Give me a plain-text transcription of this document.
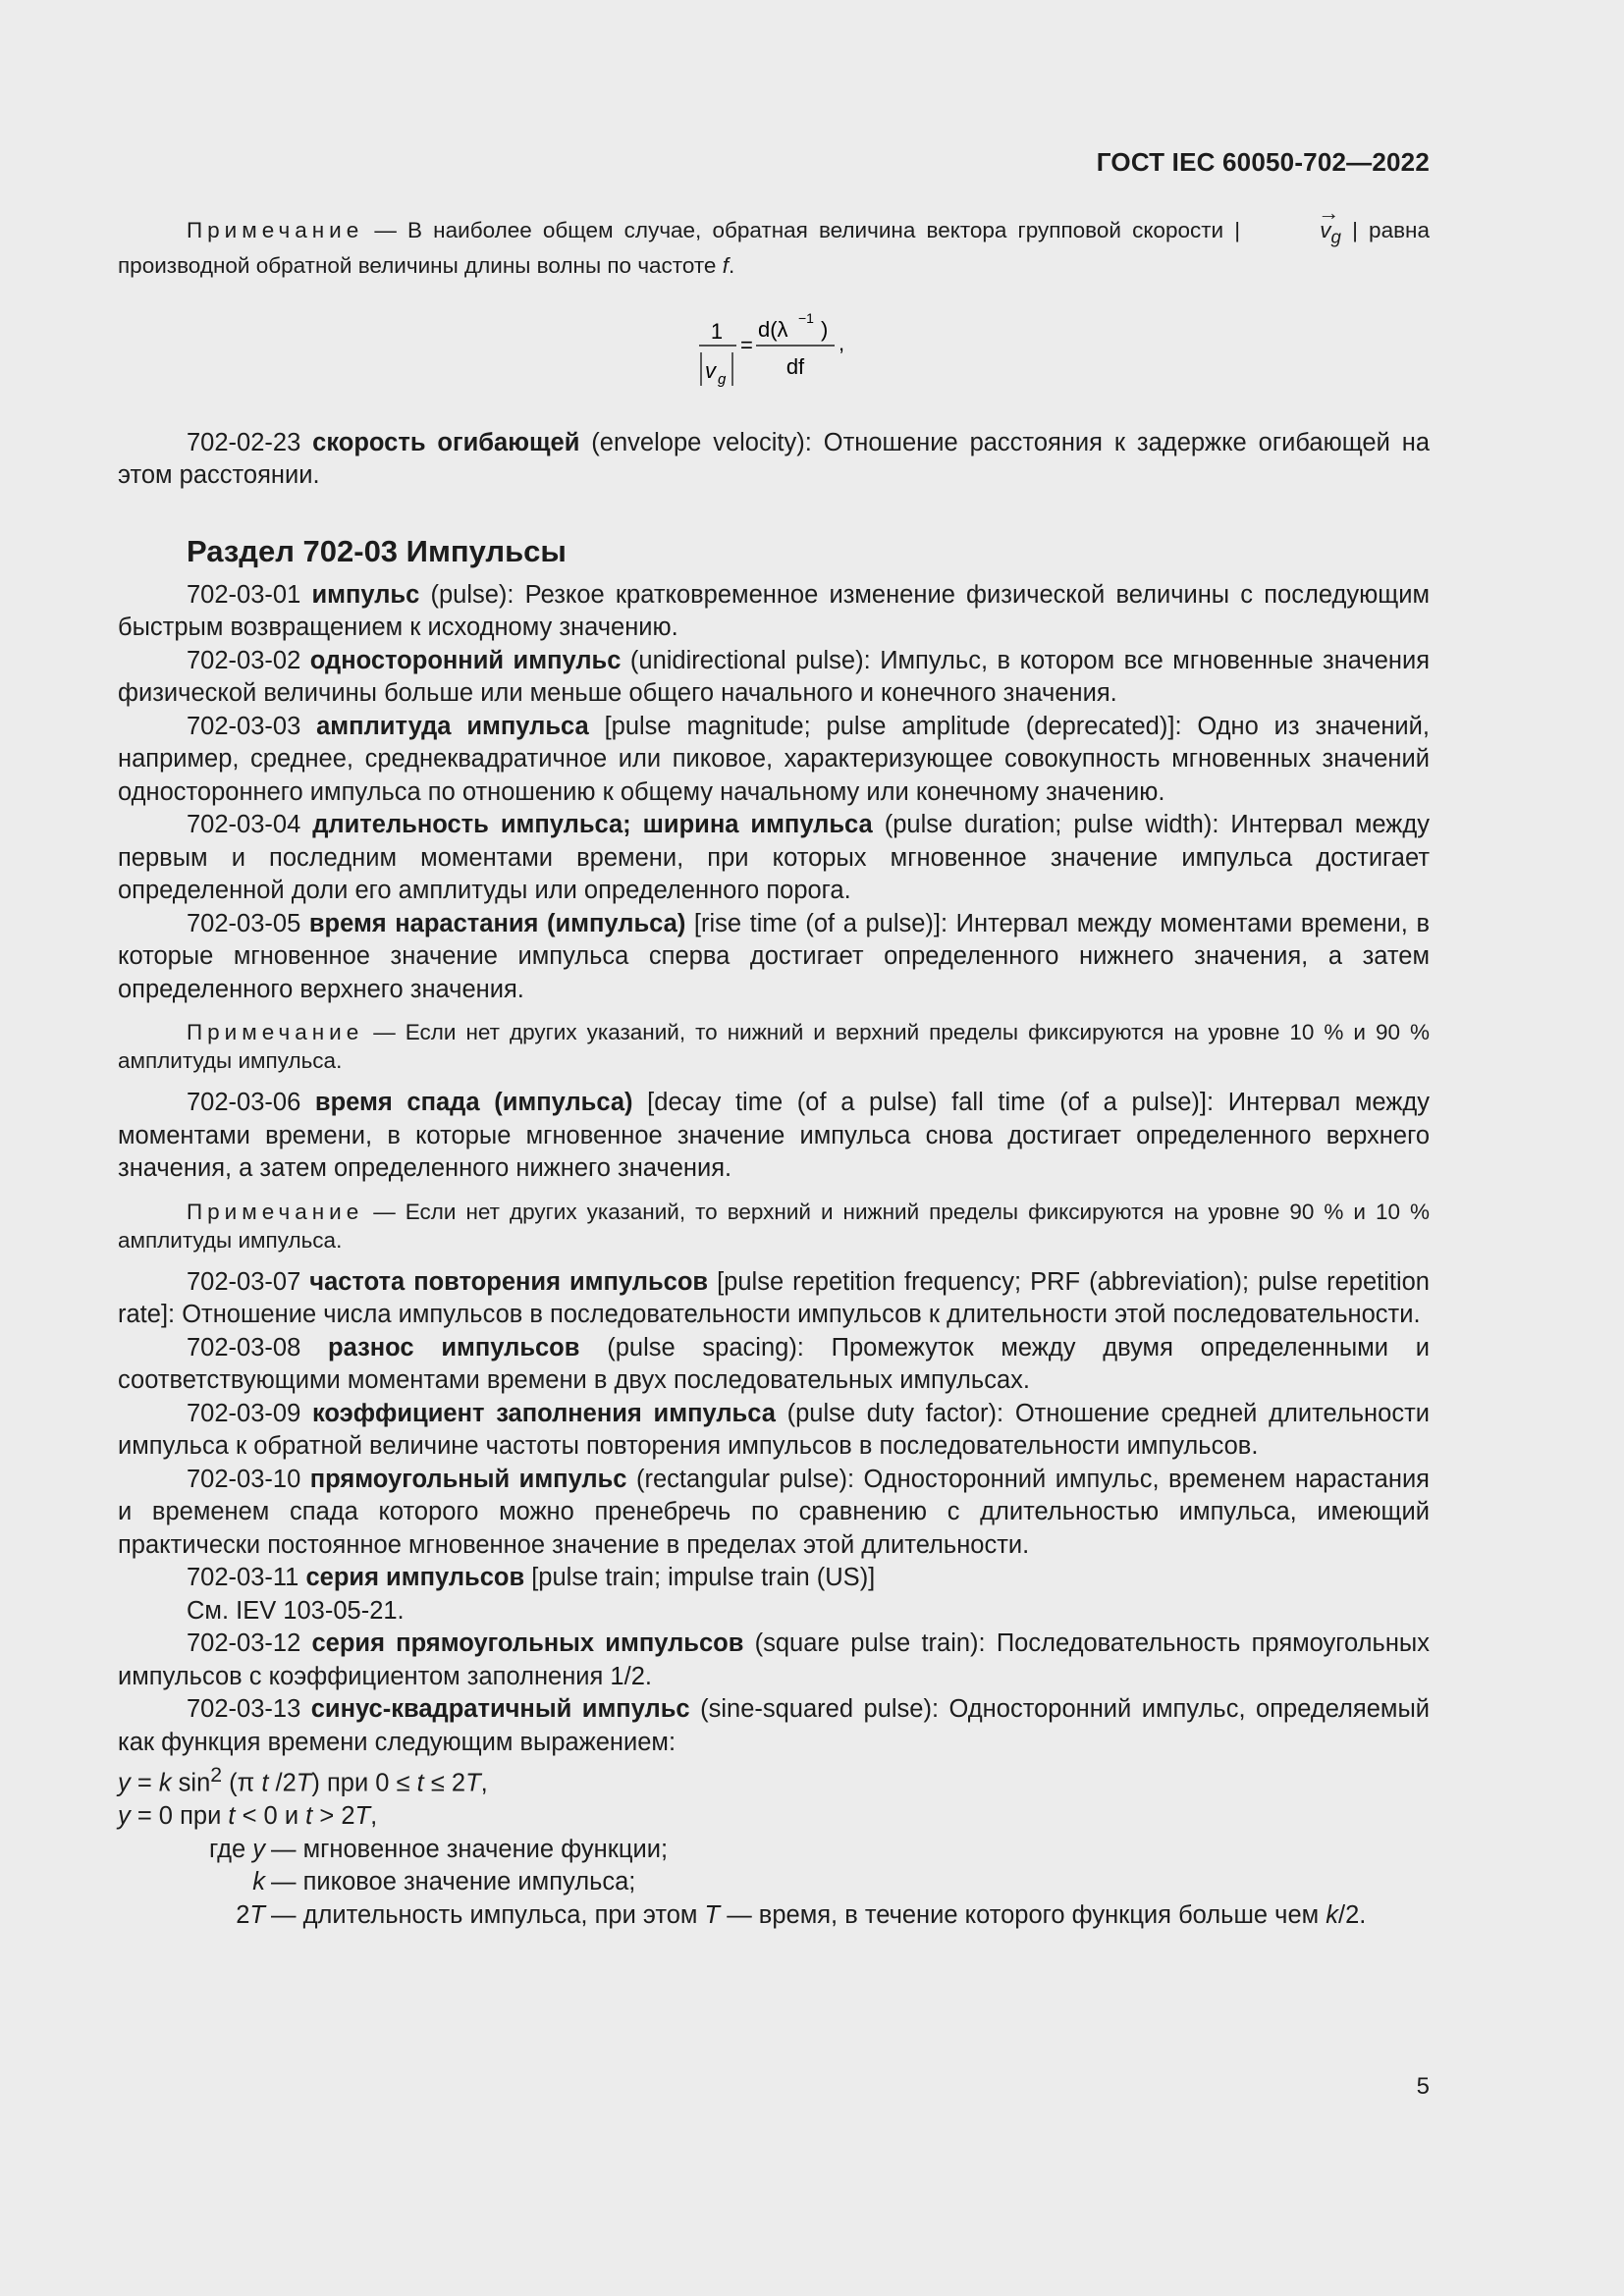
ГОСТ IEC 60050-702—2022

Примечание — В наиболее общем случае, обратная величина вектора групповой скорости |
→
$v_g$ | равна производной обратной величины длины волны по частоте f.

1
v g
=
d(λ −1 )
df
,

702-02-23 скорость огибающей (envelope velocity): Отношение расстояния к задержке огибающей на этом расстоянии.

Раздел 702-03 Импульсы

702-03-01 импульс (pulse): Резкое кратковременное изменение физической величины с последующим быстрым возвращением к исходному значению.

702-03-02 односторонний импульс (unidirectional pulse): Импульс, в котором все мгновенные значения физической величины больше или меньше общего начального и конечного значения.

702-03-03 амплитуда импульса [pulse magnitude; pulse amplitude (deprecated)]: Одно из значений, например, среднее, среднеквадратичное или пиковое, характеризующее совокупность мгновенных значений одностороннего импульса по отношению к общему начальному или конечному значению.

702-03-04 длительность импульса; ширина импульса (pulse duration; pulse width): Интервал между первым и последним моментами времени, при которых мгновенное значение импульса достигает определенной доли его амплитуды или определенного порога.

702-03-05 время нарастания (импульса) [rise time (of a pulse)]: Интервал между моментами времени, в которые мгновенное значение импульса сперва достигает определенного нижнего значения, а затем определенного верхнего значения.

Примечание — Если нет других указаний, то нижний и верхний пределы фиксируются на уровне 10 % и 90 % амплитуды импульса.

702-03-06 время спада (импульса) [decay time (of a pulse) fall time (of a pulse)]: Интервал между моментами времени, в которые мгновенное значение импульса снова достигает определенного верхнего значения, а затем определенного нижнего значения.

Примечание — Если нет других указаний, то верхний и нижний пределы фиксируются на уровне 90 % и 10 % амплитуды импульса.

702-03-07 частота повторения импульсов [pulse repetition frequency; PRF (abbreviation); pulse repetition rate]: Отношение числа импульсов в последовательности импульсов к длительности этой последовательности.

702-03-08 разнос импульсов (pulse spacing): Промежуток между двумя определенными и соответствующими моментами времени в двух последовательных импульсах.

702-03-09 коэффициент заполнения импульса (pulse duty factor): Отношение средней длительности импульса к обратной величине частоты повторения импульсов в последовательности импульсов.

702-03-10 прямоугольный импульс (rectangular pulse): Односторонний импульс, временем нарастания и временем спада которого можно пренебречь по сравнению с длительностью импульса, имеющий практически постоянное мгновенное значение в пределах этой длительности.

702-03-11 серия импульсов [pulse train; impulse train (US)]

См. IEV 103-05-21.

702-03-12 серия прямоугольных импульсов (square pulse train): Последовательность прямоугольных импульсов с коэффициентом заполнения 1/2.

702-03-13 синус-квадратичный импульс (sine-squared pulse): Односторонний импульс, определяемый как функция времени следующим выражением:

y = k $\sin^2 (\pi$ t /2T) при 0 ≤ t ≤ 2T,

y = 0 при t < 0 и t > 2T,

где y — мгновенное значение функции;
k — пиковое значение импульса;
2T — длительность импульса, при этом T — время, в течение которого функция больше чем k/2.
5
